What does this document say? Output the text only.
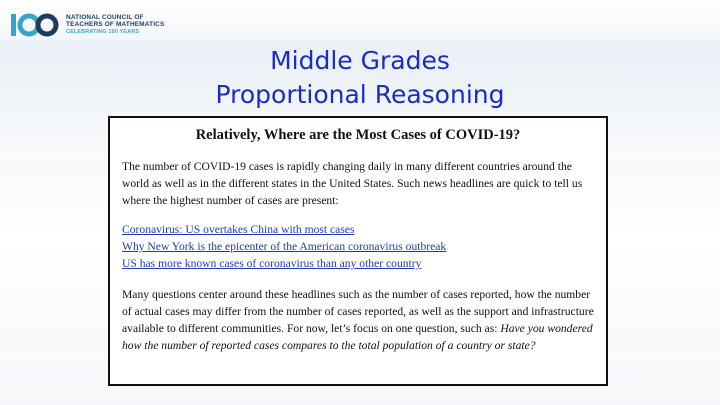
NATIONAL COUNCIL OF
TEACHERS OF MATHEMATICS
CELEBRATING 100 YEARS
Middle Grades
Proportional Reasoning
Relatively, Where are the Most Cases of COVID-19?

The number of COVID-19 cases is rapidly changing daily in many different countries around the world as well as in the different states in the United States. Such news headlines are quick to tell us where the highest number of cases are present:

Coronavirus: US overtakes China with most cases
Why New York is the epicenter of the American coronavirus outbreak
US has more known cases of coronavirus than any other country

Many questions center around these headlines such as the number of cases reported, how the number of actual cases may differ from the number of cases reported, as well as the support and infrastructure available to different communities. For now, let’s focus on one question, such as: Have you wondered how the number of reported cases compares to the total population of a country or state?
